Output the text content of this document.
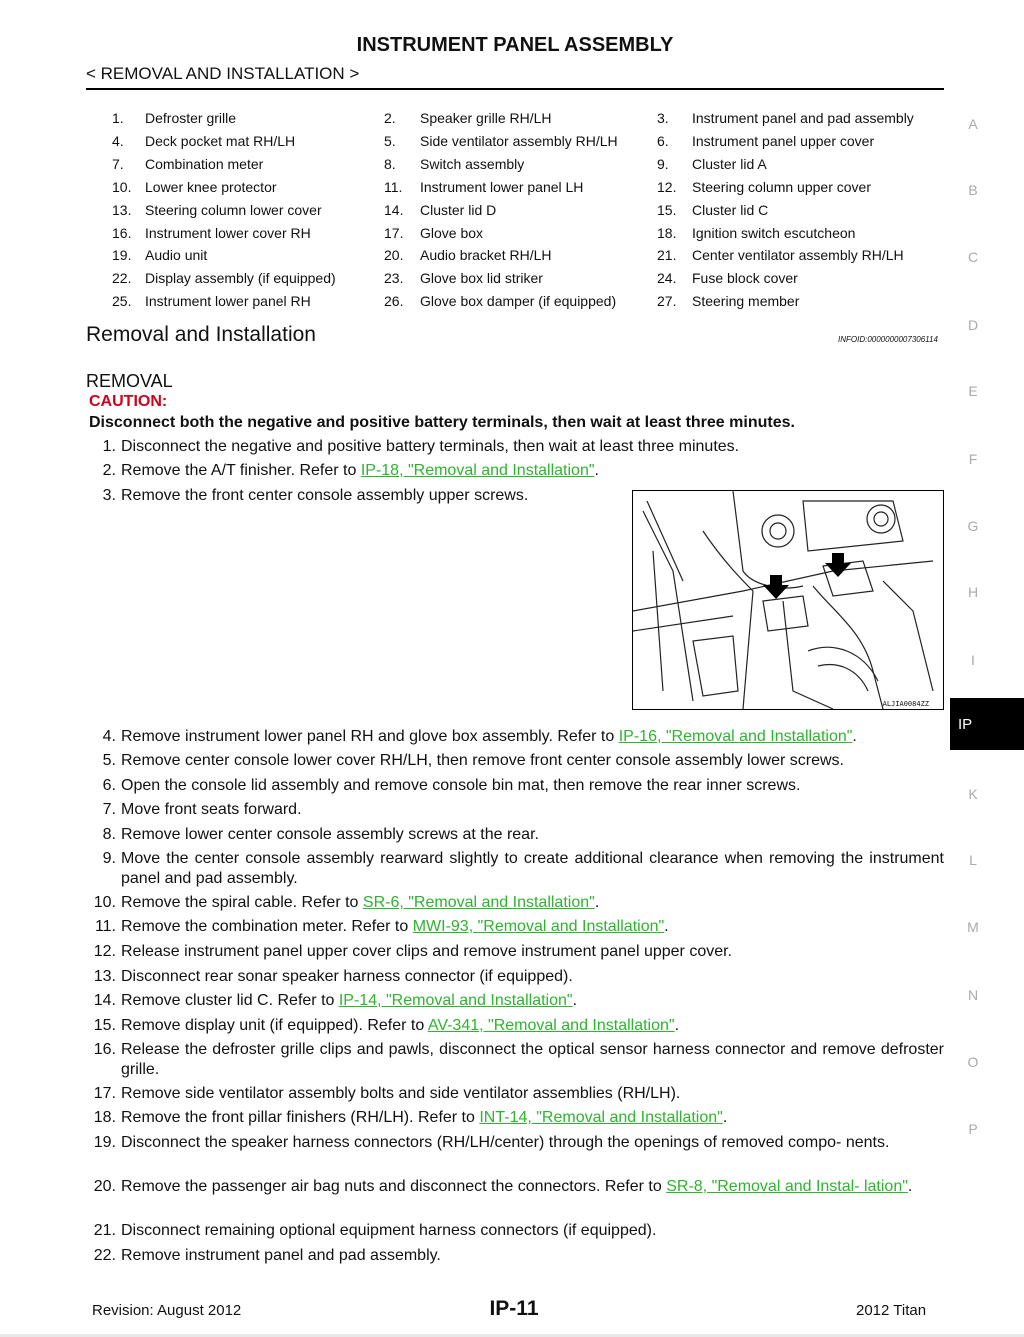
INSTRUMENT PANEL ASSEMBLY
< REMOVAL AND INSTALLATION >
1.	Defroster grille	2.	Speaker grille RH/LH	3.	Instrument panel and pad assembly
4.	Deck pocket mat RH/LH	5.	Side ventilator assembly RH/LH	6.	Instrument panel upper cover
7.	Combination meter	8.	Switch assembly	9.	Cluster lid A
10. Lower knee protector	11.	Instrument lower panel LH	12.	Steering column upper cover
13. Steering column lower cover	14.	Cluster lid D	15.	Cluster lid C
16. Instrument lower cover RH	17.	Glove box	18.	Ignition switch escutcheon
19. Audio unit	20.	Audio bracket RH/LH	21.	Center ventilator assembly RH/LH
22. Display assembly (if equipped)	23.	Glove box lid striker	24.	Fuse block cover
25. Instrument lower panel RH	26.	Glove box damper (if equipped)	27.	Steering member
Removal and Installation	INFOID:0000000007306114
REMOVAL
CAUTION:
Disconnect both the negative and positive battery terminals, then wait at least three minutes.
1. Disconnect the negative and positive battery terminals, then wait at least three minutes.
2. Remove the A/T finisher. Refer to IP-18, "Removal and Installation".
3. Remove the front center console assembly upper screws.
4. Remove instrument lower panel RH and glove box assembly. Refer to IP-16, "Removal and Installation".
5. Remove center console lower cover RH/LH, then remove front center console assembly lower screws.
6. Open the console lid assembly and remove console bin mat, then remove the rear inner screws.
7. Move front seats forward.
8. Remove lower center console assembly screws at the rear.
9. Move the center console assembly rearward slightly to create additional clearance when removing the instrument panel and pad assembly.
10. Remove the spiral cable. Refer to SR-6, "Removal and Installation".
11. Remove the combination meter. Refer to MWI-93, "Removal and Installation".
12. Release instrument panel upper cover clips and remove instrument panel upper cover.
13. Disconnect rear sonar speaker harness connector (if equipped).
14. Remove cluster lid C. Refer to IP-14, "Removal and Installation".
15. Remove display unit (if equipped). Refer to AV-341, "Removal and Installation".
16. Release the defroster grille clips and pawls, disconnect the optical sensor harness connector and remove defroster grille.
17. Remove side ventilator assembly bolts and side ventilator assemblies (RH/LH).
18. Remove the front pillar finishers (RH/LH). Refer to INT-14, "Removal and Installation".
19. Disconnect the speaker harness connectors (RH/LH/center) through the openings of removed compo- nents.
20. Remove the passenger air bag nuts and disconnect the connectors. Refer to SR-8, "Removal and Instal- lation".
21. Disconnect remaining optional equipment harness connectors (if equipped).
22. Remove instrument panel and pad assembly.
ALJIA0084ZZ
A
B
C
D
E
F
G
H
I
IP
K
L
M
N
O
P
Revision: August 2012	IP-11	2012 Titan
